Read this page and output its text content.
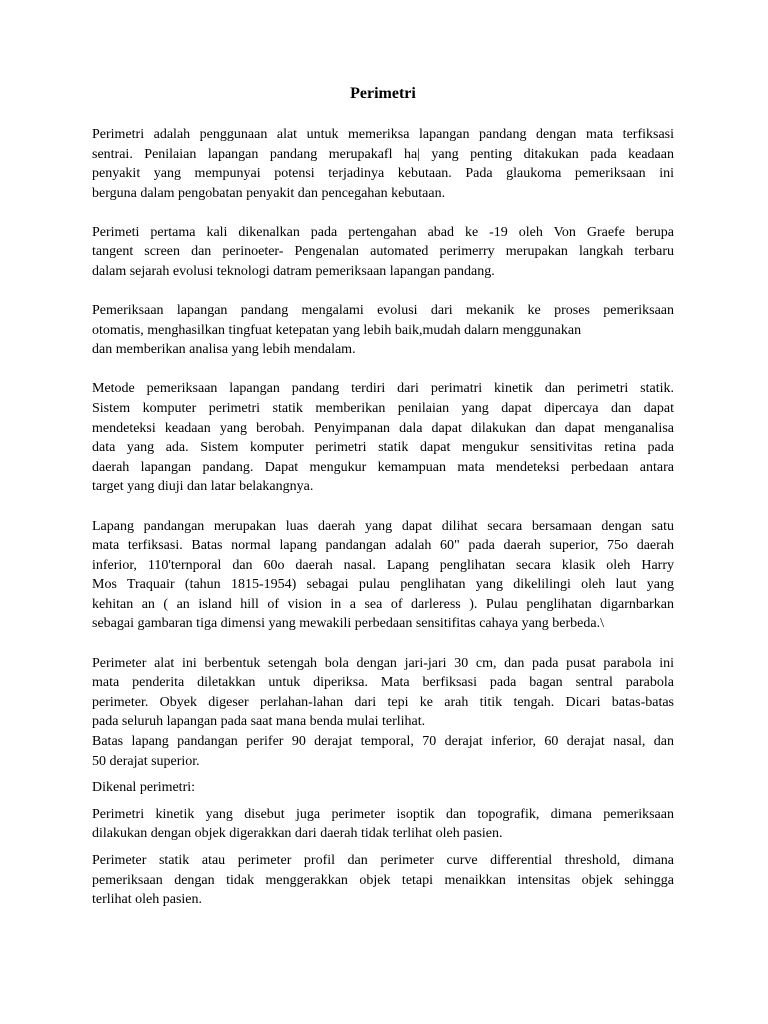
Perimetri

Perimetri adalah penggunaan alat untuk memeriksa lapangan pandang dengan mata terfiksasi
sentrai. Penilaian lapangan pandang merupakafl ha| yang penting ditakukan pada keadaan
penyakit yang mempunyai potensi terjadinya kebutaan. Pada glaukoma pemeriksaan ini
berguna dalam pengobatan penyakit dan pencegahan kebutaan.

Perimeti pertama kali dikenalkan pada pertengahan abad ke -19 oleh Von Graefe berupa
tangent screen dan perinoeter- Pengenalan automated perimerry merupakan langkah terbaru
dalam sejarah evolusi teknologi datram pemeriksaan lapangan pandang.

Pemeriksaan lapangan pandang mengalami evolusi dari mekanik ke proses pemeriksaan
otomatis, menghasilkan tingfuat ketepatan yang lebih baik,mudah dalarn menggunakan
dan memberikan analisa yang lebih mendalam.

Metode pemeriksaan lapangan pandang terdiri dari perimatri kinetik dan perimetri statik.
Sistem komputer perimetri statik memberikan penilaian yang dapat dipercaya dan dapat
mendeteksi keadaan yang berobah. Penyimpanan dala dapat dilakukan dan dapat menganalisa
data yang ada. Sistem komputer perimetri statik dapat mengukur sensitivitas retina pada
daerah lapangan pandang. Dapat mengukur kemampuan mata mendeteksi perbedaan antara
target yang diuji dan latar belakangnya.

Lapang pandangan merupakan luas daerah yang dapat dilihat secara bersamaan dengan satu
mata terfiksasi. Batas normal lapang pandangan adalah 60" pada daerah superior, 75o daerah
inferior, 110'ternporal dan 60o daerah nasal. Lapang penglihatan secara klasik oleh Harry
Mos Traquair (tahun 1815-1954) sebagai pulau penglihatan yang dikelilingi oleh laut yang
kehitan an ( an island hill of vision in a sea of darleress ). Pulau penglihatan digarnbarkan
sebagai gambaran tiga dimensi yang mewakili perbedaan sensitifitas cahaya yang berbeda.\

Perimeter alat ini berbentuk setengah bola dengan jari-jari 30 cm, dan pada pusat parabola ini
mata penderita diletakkan untuk diperiksa. Mata berfiksasi pada bagan sentral parabola
perimeter. Obyek digeser perlahan-lahan dari tepi ke arah titik tengah. Dicari batas-batas
pada seluruh lapangan pada saat mana benda mulai terlihat.
Batas lapang pandangan perifer 90 derajat temporal, 70 derajat inferior, 60 derajat nasal, dan
50 derajat superior.

Dikenal perimetri:

Perimetri kinetik yang disebut juga perimeter isoptik dan topografik, dimana pemeriksaan
dilakukan dengan objek digerakkan dari daerah tidak terlihat oleh pasien.

Perimeter statik atau perimeter profil dan perimeter curve differential threshold, dimana
pemeriksaan dengan tidak menggerakkan objek tetapi menaikkan intensitas objek sehingga
terlihat oleh pasien.
